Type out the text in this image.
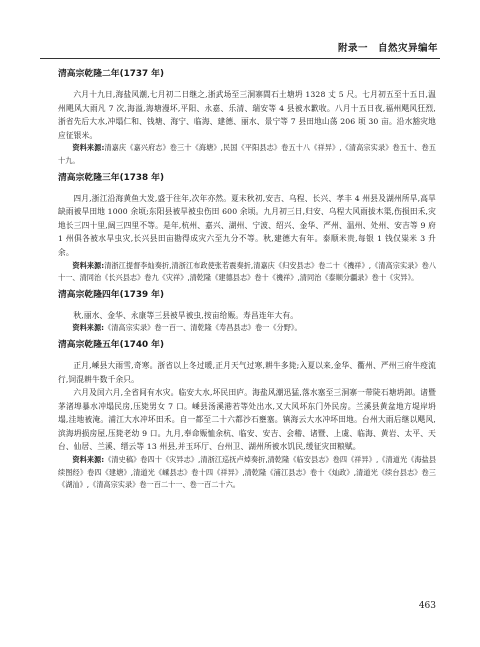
附录一　自然灾异编年
清高宗乾隆二年(1737 年)

六月十九日,海盐风潮,七月初二日继之,浙武场至三洞寨間石土塘坍 1328 丈 5 尺。七月初五至十五日,温州飓风大雨凡 7 次,海溢,海塘漫坏,平阳、永嘉、乐清、瑞安等 4 县被水歉收。八月十五日夜,福州飓风狂烈,浙省先后大水,冲塌仁和、钱塘、海宁、临海、建德、丽水、景宁等 7 县田地山荡 206 顷 30 亩。沿水豁灾地应征银米。

资料来源:清嘉庆《嘉兴府志》卷三十《海塘》,民国《平阳县志》卷五十八《祥异》,《清高宗实录》卷五十、卷五十九。

清高宗乾隆三年(1738 年)

四月,浙江沿海黄鱼大发,盛于往年,次年亦然。夏未秋初,安吉、乌程、长兴、孝丰 4 州县及湖州所旱,高旱缺雨被旱田地 1000 余顷;东阳县被旱被虫伤田 600 余顷。九月初三日,归安、乌程大风雨拔木渠,伤损田禾,灾地长三四十里,阔三四里不等。是年,杭州、嘉兴、湖州、宁波、绍兴、金华、严州、温州、处州、安吉等 9 府 1 州俱各被水旱虫灾,长兴县田亩勘得成灾六至九分不等。秋,建德大有年。泰顺米贵,每银 1 钱仅粜米 3 升余。

资料来源:清浙江提督李灿奏折,清浙江布政使张若震奏折,清嘉庆《归安县志》卷二十《禨祥》,《清高宗实录》卷八十一、清同治《长兴县志》卷九《灾祥》,清乾隆《建德县志》卷十《禨祥》,清同治《泰顺分疆录》卷十《灾异》。

清高宗乾隆四年(1739 年)

秋,丽水、金华、永康等三县被旱被虫,按亩给赈。寿昌连年大有。

资料来源:《清高宗实录》卷一百一、清乾隆《寿昌县志》卷一《分野》。

清高宗乾隆五年(1740 年)

正月,嵊县大雨雪,奇寒。浙省以上冬过暖,正月天气过寒,耕牛多毙;入夏以来,金华、衢州、严州三府牛疫流行,饲混耕牛数千余只。

六月及闰六月,全省间有水灾。临安大水,坏民田庐。海盐风潮迅猛,落水塞至三洞寨一带陡石塘坍卸。诸暨茅渚埠暴水冲塌民房,压毙男女 7 口。嵊县汤溪港若等处出水,又大风坏东门外民房。兰溪县黄盆地方堤岸坍塌,洼地被淹。浦江大水冲坏田禾。自一都至二十六都沙石壅塞。镇海云大水冲坏田地。台州大雨后继以飓风,滨海坍损房屋,压毙老幼 9 口。九月,奉命赈恤余杭、临安、安吉、会稽、诸暨、上虞、临海、黄岩、太平、天台、仙居、兰溪、缙云等 13 州县,并玉环厅、台州卫、湖州所被水饥民,缓征灾田粮赋。

资料来源:《清史稿》卷四十《灾异志》,清浙江巡抚卢焯奏折,清乾隆《临安县志》卷四《祥异》,《清道光《海盐县续图经》卷四《建塘》,清道光《嵊县志》卷十四《祥异》,清乾隆《浦江县志》卷十《灿政》,清道光《续台县志》卷三《湖汕》,《清高宗实录》卷一百二十一、卷一百二十六。

463
